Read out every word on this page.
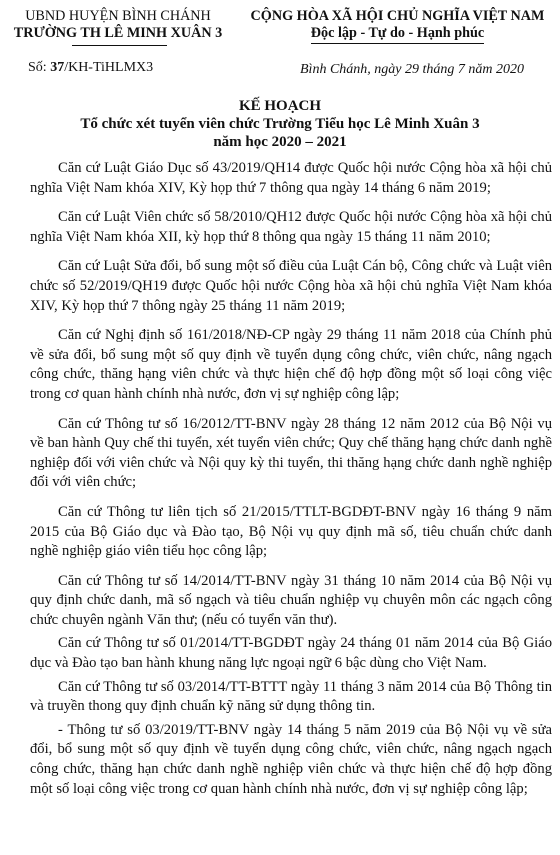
UBND HUYỆN BÌNH CHÁNH
TRƯỜNG TH LÊ MINH XUÂN 3
CỘNG HÒA XÃ HỘI CHỦ NGHĨA VIỆT NAM
Độc lập - Tự do - Hạnh phúc
Số: 37/KH-TiHLMX3	Bình Chánh, ngày 29 tháng 7 năm 2020
KẾ HOẠCH
Tổ chức xét tuyển viên chức Trường Tiểu học Lê Minh Xuân 3
năm học 2020 – 2021

Căn cứ Luật Giáo Dục số 43/2019/QH14 được Quốc hội nước Cộng hòa xã hội chủ nghĩa Việt Nam khóa XIV, Kỳ họp thứ 7 thông qua ngày 14 tháng 6 năm 2019;

Căn cứ Luật Viên chức số 58/2010/QH12 được Quốc hội nước Cộng hòa xã hội chủ nghĩa Việt Nam khóa XII, kỳ họp thứ 8 thông qua ngày 15 tháng 11 năm 2010;

Căn cứ Luật Sửa đổi, bổ sung một số điều của Luật Cán bộ, Công chức và Luật viên chức số 52/2019/QH19 được Quốc hội nước Cộng hòa xã hội chủ nghĩa Việt Nam khóa XIV, Kỳ họp thứ 7 thông ngày 25 tháng 11 năm 2019;

Căn cứ Nghị định số 161/2018/NĐ-CP ngày 29 tháng 11 năm 2018 của Chính phủ về sửa đổi, bổ sung một số quy định về tuyển dụng công chức, viên chức, nâng ngạch công chức, thăng hạng viên chức và thực hiện chế độ hợp đồng một số loại công việc trong cơ quan hành chính nhà nước, đơn vị sự nghiệp công lập;

Căn cứ Thông tư số 16/2012/TT-BNV ngày 28 tháng 12 năm 2012 của Bộ Nội vụ về ban hành Quy chế thi tuyển, xét tuyển viên chức; Quy chế thăng hạng chức danh nghề nghiệp đối với viên chức và Nội quy kỳ thi tuyển, thi thăng hạng chức danh nghề nghiệp đối với viên chức;

Căn cứ Thông tư liên tịch số 21/2015/TTLT-BGDĐT-BNV ngày 16 tháng 9 năm 2015 của Bộ Giáo dục và Đào tạo, Bộ Nội vụ quy định mã số, tiêu chuẩn chức danh nghề nghiệp giáo viên tiểu học công lập;

Căn cứ Thông tư số 14/2014/TT-BNV ngày 31 tháng 10 năm 2014 của Bộ Nội vụ quy định chức danh, mã số ngạch và tiêu chuẩn nghiệp vụ chuyên môn các ngạch công chức chuyên ngành Văn thư; (nếu có tuyển văn thư).

Căn cứ Thông tư số 01/2014/TT-BGDĐT ngày 24 tháng 01 năm 2014 của Bộ Giáo dục và Đào tạo ban hành khung năng lực ngoại ngữ 6 bậc dùng cho Việt Nam.

Căn cứ Thông tư số 03/2014/TT-BTTT ngày 11 tháng 3 năm 2014 của Bộ Thông tin và truyền thong quy định chuẩn kỹ năng sử dụng thông tin.

- Thông tư số 03/2019/TT-BNV ngày 14 tháng 5 năm 2019 của Bộ Nội vụ về sửa đổi, bổ sung một số quy định về tuyển dụng công chức, viên chức, nâng ngạch ngạch công chức, thăng hạn chức danh nghề nghiệp viên chức và thực hiện chế độ hợp đồng một số loại công việc trong cơ quan hành chính nhà nước, đơn vị sự nghiệp công lập;
